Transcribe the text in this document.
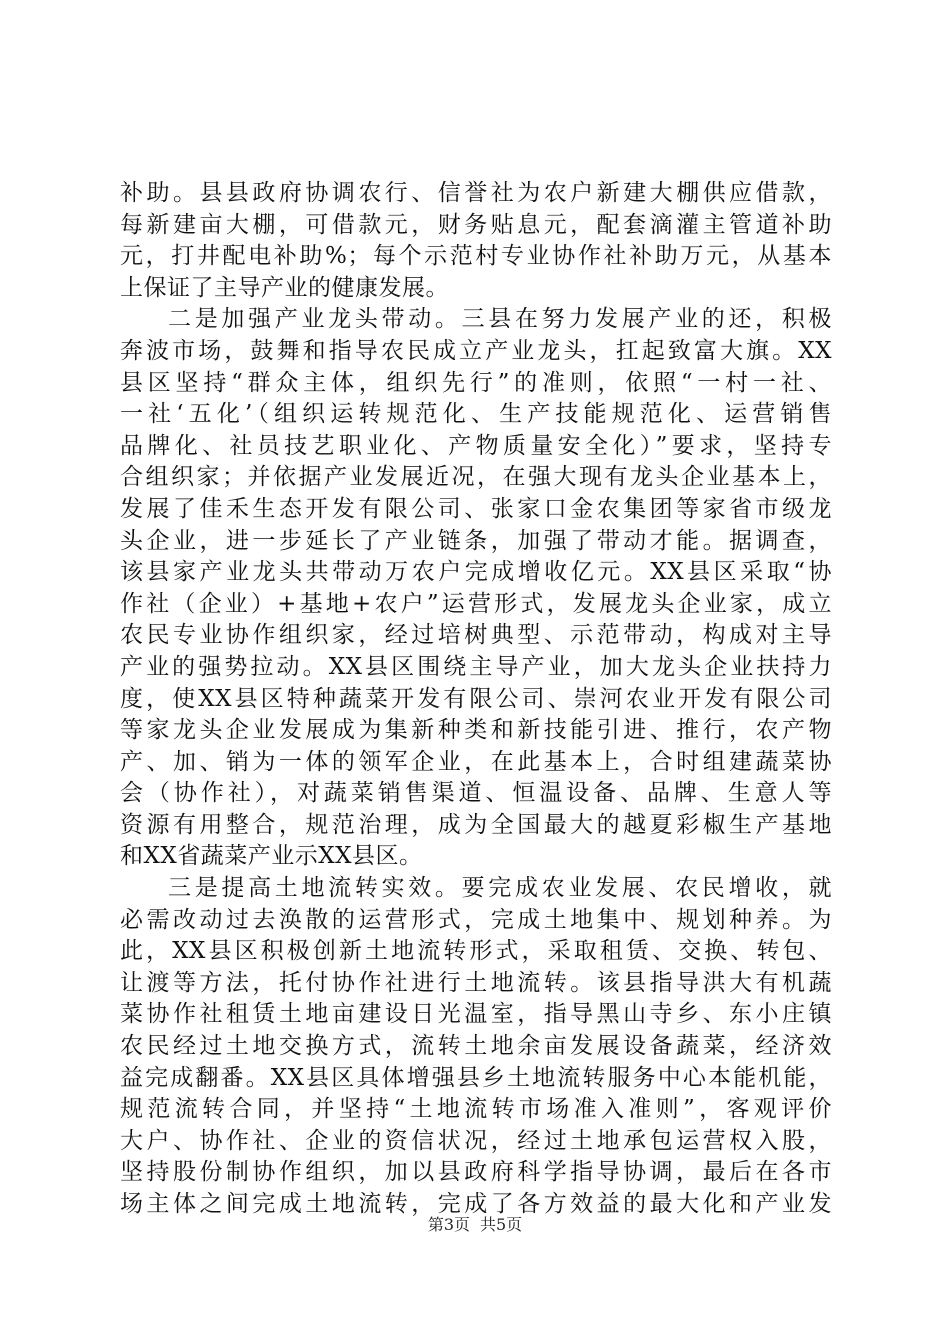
补助。县县政府协调农行、信誉社为农户新建大棚供应借款，
每新建亩大棚，可借款元，财务贴息元，配套滴灌主管道补助
元，打井配电补助%；每个示范村专业协作社补助万元，从基本
上保证了主导产业的健康发展。
二是加强产业龙头带动。三县在努力发展产业的还，积极
奔波市场，鼓舞和指导农民成立产业龙头，扛起致富大旗。XX
县区坚持“群众主体，组织先行”的准则，依照“一村一社、
一社‘五化’（组织运转规范化、生产技能规范化、运营销售
品牌化、社员技艺职业化、产物质量安全化）”要求，坚持专
合组织家；并依据产业发展近况，在强大现有龙头企业基本上，
发展了佳禾生态开发有限公司、张家口金农集团等家省市级龙
头企业，进一步延长了产业链条，加强了带动才能。据调查，
该县家产业龙头共带动万农户完成增收亿元。XX县区采取“协
作社（企业）+基地+农户”运营形式，发展龙头企业家，成立
农民专业协作组织家，经过培树典型、示范带动，构成对主导
产业的强势拉动。XX县区围绕主导产业，加大龙头企业扶持力
度，使XX县区特种蔬菜开发有限公司、崇河农业开发有限公司
等家龙头企业发展成为集新种类和新技能引进、推行，农产物
产、加、销为一体的领军企业，在此基本上，合时组建蔬菜协
会（协作社），对蔬菜销售渠道、恒温设备、品牌、生意人等
资源有用整合，规范治理，成为全国最大的越夏彩椒生产基地
和XX省蔬菜产业示XX县区。
三是提高土地流转实效。要完成农业发展、农民增收，就
必需改动过去涣散的运营形式，完成土地集中、规划种养。为
此，XX县区积极创新土地流转形式，采取租赁、交换、转包、
让渡等方法，托付协作社进行土地流转。该县指导洪大有机蔬
菜协作社租赁土地亩建设日光温室，指导黑山寺乡、东小庄镇
农民经过土地交换方式，流转土地余亩发展设备蔬菜，经济效
益完成翻番。XX县区具体增强县乡土地流转服务中心本能机能，
规范流转合同，并坚持“土地流转市场准入准则”，客观评价
大户、协作社、企业的资信状况，经过土地承包运营权入股，
坚持股份制协作组织，加以县政府科学指导协调，最后在各市
场主体之间完成土地流转，完成了各方效益的最大化和产业发
第3页 共5页
